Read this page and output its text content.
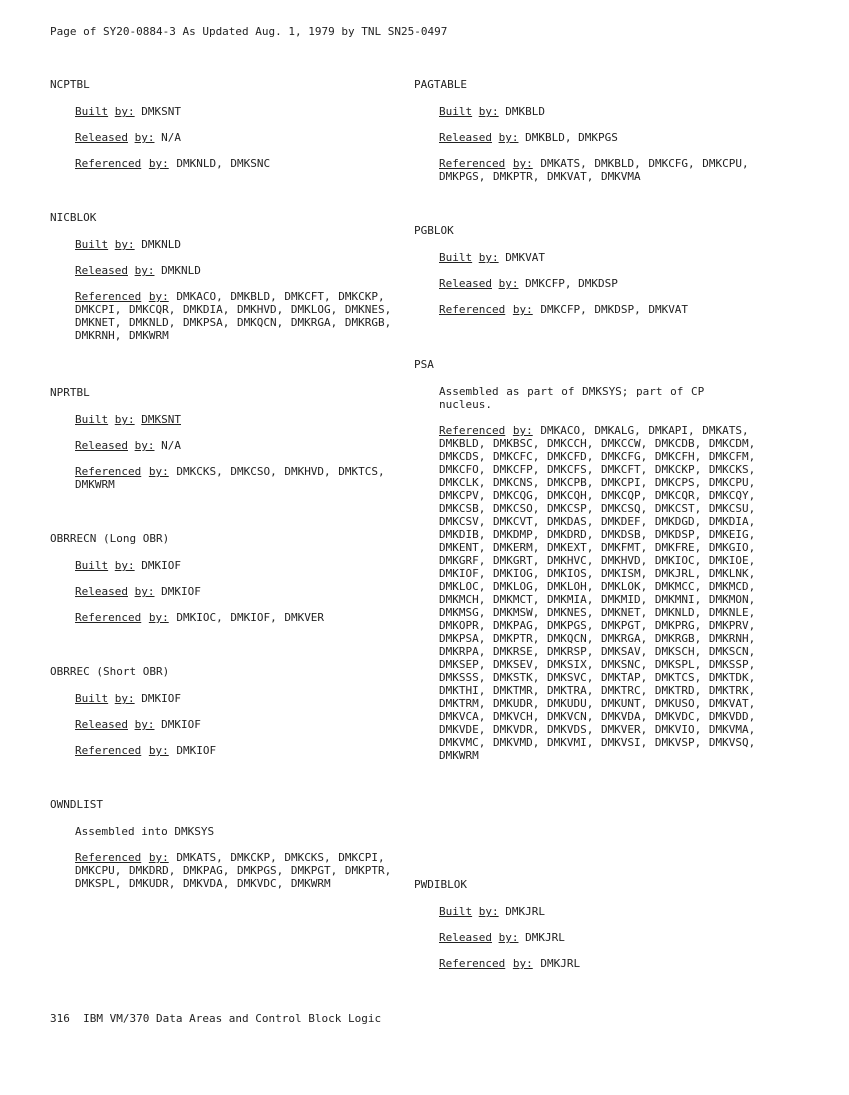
Page of SY20-0884-3 As Updated Aug. 1, 1979 by TNL SN25-0497

NCPTBL

Built by: DMKSNT

Released by: N/A

Referenced by: DMKNLD, DMKSNC

NICBLOK

Built by: DMKNLD

Released by: DMKNLD

Referenced by: DMKACO, DMKBLD, DMKCFT, DMKCKP, DMKCPI, DMKCQR, DMKDIA, DMKHVD, DMKLOG, DMKNES, DMKNET, DMKNLD, DMKPSA, DMKQCN, DMKRGA, DMKRGB, DMKRNH, DMKWRM

NPRTBL

Built by: DMKSNT

Released by: N/A

Referenced by: DMKCKS, DMKCSO, DMKHVD, DMKTCS, DMKWRM

OBRRECN (Long OBR)

Built by: DMKIOF

Released by: DMKIOF

Referenced by: DMKIOC, DMKIOF, DMKVER

OBRREC (Short OBR)

Built by: DMKIOF

Released by: DMKIOF

Referenced by: DMKIOF

OWNDLIST

Assembled into DMKSYS

Referenced by: DMKATS, DMKCKP, DMKCKS, DMKCPI, DMKCPU, DMKDRD, DMKPAG, DMKPGS, DMKPGT, DMKPTR, DMKSPL, DMKUDR, DMKVDA, DMKVDC, DMKWRM

PAGTABLE

Built by: DMKBLD

Released by: DMKBLD, DMKPGS

Referenced by: DMKATS, DMKBLD, DMKCFG, DMKCPU, DMKPGS, DMKPTR, DMKVAT, DMKVMA

PGBLOK

Built by: DMKVAT

Released by: DMKCFP, DMKDSP

Referenced by: DMKCFP, DMKDSP, DMKVAT

PSA

Assembled as part of DMKSYS; part of CP nucleus.

Referenced by: DMKACO, DMKALG, DMKAPI, DMKATS, DMKBLD, DMKBSC, DMKCCH, DMKCCW, DMKCDB, DMKCDM, DMKCDS, DMKCFC, DMKCFD, DMKCFG, DMKCFH, DMKCFM, DMKCFO, DMKCFP, DMKCFS, DMKCFT, DMKCKP, DMKCKS, DMKCLK, DMKCNS, DMKCPB, DMKCPI, DMKCPS, DMKCPU, DMKCPV, DMKCQG, DMKCQH, DMKCQP, DMKCQR, DMKCQY, DMKCSB, DMKCSO, DMKCSP, DMKCSQ, DMKCST, DMKCSU, DMKCSV, DMKCVT, DMKDAS, DMKDEF, DMKDGD, DMKDIA, DMKDIB, DMKDMP, DMKDRD, DMKDSB, DMKDSP, DMKEIG, DMKENT, DMKERM, DMKEXT, DMKFMT, DMKFRE, DMKGIO, DMKGRF, DMKGRT, DMKHVC, DMKHVD, DMKIOC, DMKIOE, DMKIOF, DMKIOG, DMKIOS, DMKISM, DMKJRL, DMKLNK, DMKLOC, DMKLOG, DMKLOH, DMKLOK, DMKMCC, DMKMCD, DMKMCH, DMKMCT, DMKMIA, DMKMID, DMKMNI, DMKMON, DMKMSG, DMKMSW, DMKNES, DMKNET, DMKNLD, DMKNLE, DMKOPR, DMKPAG, DMKPGS, DMKPGT, DMKPRG, DMKPRV, DMKPSA, DMKPTR, DMKQCN, DMKRGA, DMKRGB, DMKRNH, DMKRPA, DMKRSE, DMKRSP, DMKSAV, DMKSCH, DMKSCN, DMKSEP, DMKSEV, DMKSIX, DMKSNC, DMKSPL, DMKSSP, DMKSSS, DMKSTK, DMKSVC, DMKTAP, DMKTCS, DMKTDK, DMKTHI, DMKTMR, DMKTRA, DMKTRC, DMKTRD, DMKTRK, DMKTRM, DMKUDR, DMKUDU, DMKUNT, DMKUSO, DMKVAT, DMKVCA, DMKVCH, DMKVCN, DMKVDA, DMKVDC, DMKVDD, DMKVDE, DMKVDR, DMKVDS, DMKVER, DMKVIO, DMKVMA, DMKVMC, DMKVMD, DMKVMI, DMKVSI, DMKVSP, DMKVSQ, DMKWRM

PWDIBLOK

Built by: DMKJRL

Released by: DMKJRL

Referenced by: DMKJRL

316  IBM VM/370 Data Areas and Control Block Logic
